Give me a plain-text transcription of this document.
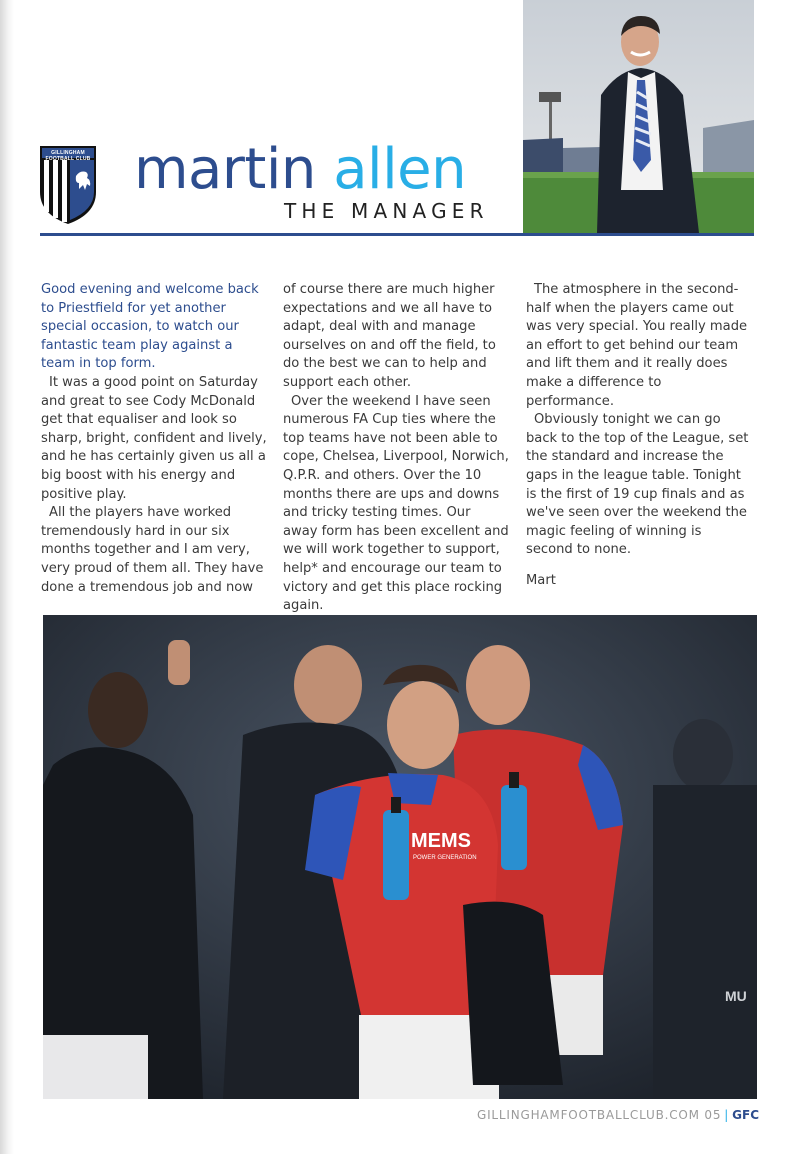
GILLINGHAM FOOTBALL CLUB martin allen
THE MANAGER

Good evening and welcome back to Priestfield for yet another special occasion, to watch our fantastic team play against a team in top form.

It was a good point on Saturday and great to see Cody McDonald get that equaliser and look so sharp, bright, confident and lively, and he has certainly given us all a big boost with his energy and positive play.

All the players have worked tremendously hard in our six months together and I am very, very proud of them all. They have done a tremendous job and now

of course there are much higher expectations and we all have to adapt, deal with and manage ourselves on and off the field, to do the best we can to help and support each other.

Over the weekend I have seen numerous FA Cup ties where the top teams have not been able to cope, Chelsea, Liverpool, Norwich, Q.P.R. and others. Over the 10 months there are ups and downs and tricky testing times. Our away form has been excellent and we will work together to support, help* and encourage our team to victory and get this place rocking again.

The atmosphere in the second-half when the players came out was very special. You really made an effort to get behind our team and lift them and it really does make a difference to performance.

Obviously tonight we can go back to the top of the League, set the standard and increase the gaps in the league table. Tonight is the first of 19 cup finals and as we've seen over the weekend the magic feeling of winning is second to none.

Mart

MEMS
POWER GENERATION
MU
GILLINGHAMFOOTBALLCLUB.COM 05 | GFC
